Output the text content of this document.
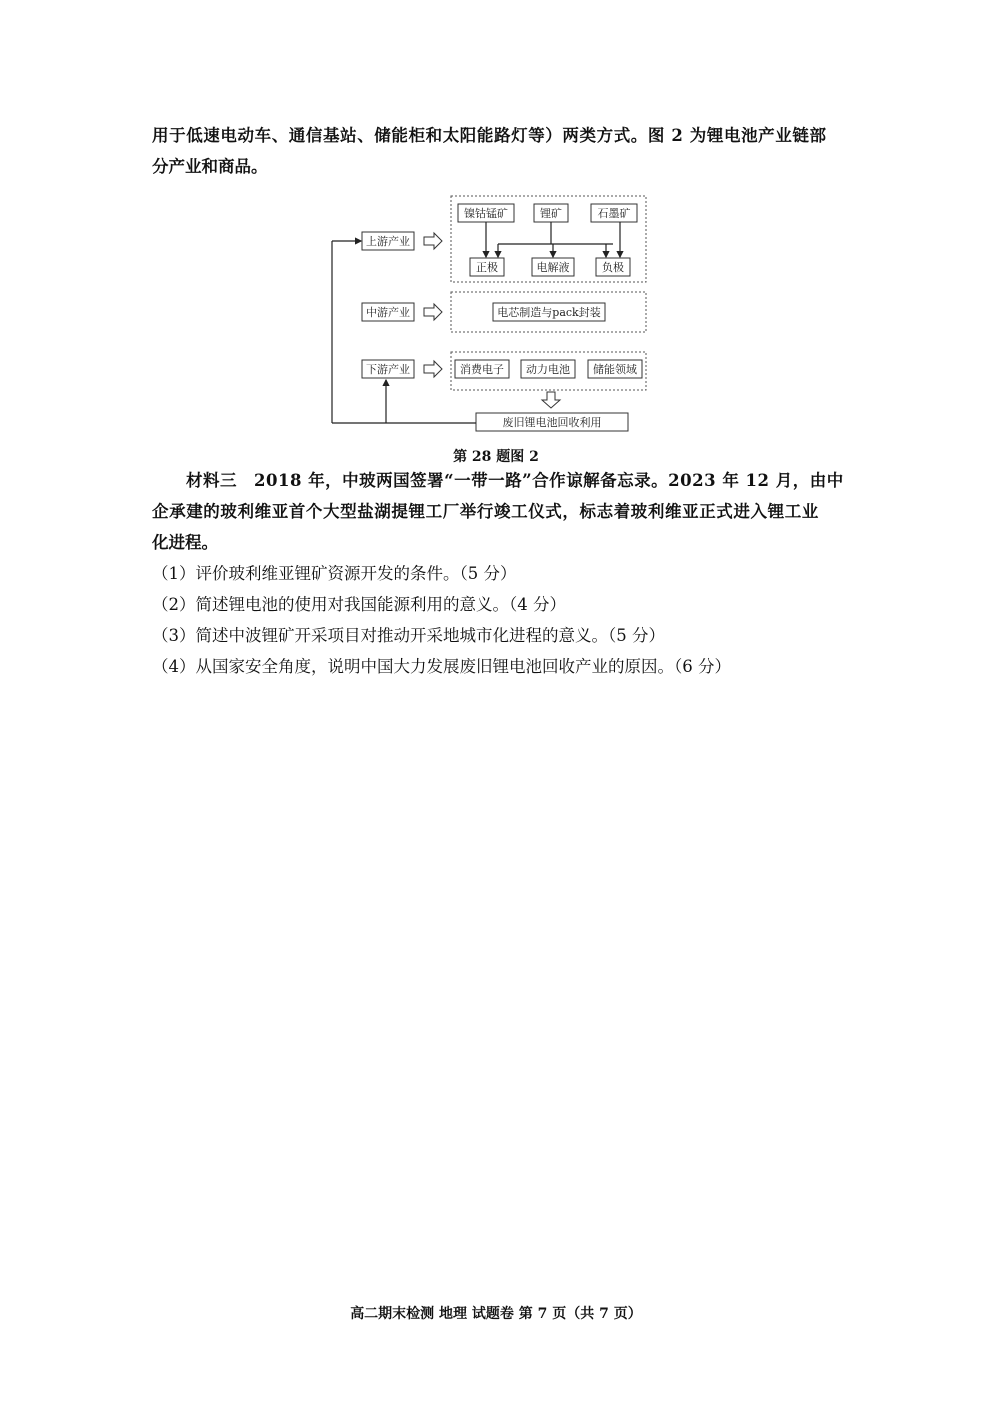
用于低速电动车、通信基站、储能柜和太阳能路灯等）两类方式。图 2 为锂电池产业链部
分产业和商品。
上游产业
中游产业
下游产业
镍钴锰矿	锂矿	石墨矿
正极	电解液	负极
电芯制造与pack封装
消费电子 动力电池 储能领域
废旧锂电池回收利用
第 28 题图 2
材料三　2018 年，中玻两国签署“一带一路”合作谅解备忘录。2023 年 12 月，由中
企承建的玻利维亚首个大型盐湖提锂工厂举行竣工仪式，标志着玻利维亚正式进入锂工业
化进程。
（1）评价玻利维亚锂矿资源开发的条件。（5 分）
（2）简述锂电池的使用对我国能源利用的意义。（4 分）
（3）简述中波锂矿开采项目对推动开采地城市化进程的意义。（5 分）
（4）从国家安全角度，说明中国大力发展废旧锂电池回收产业的原因。（6 分）
高二期末检测 地理 试题卷 第 7 页（共 7 页）
